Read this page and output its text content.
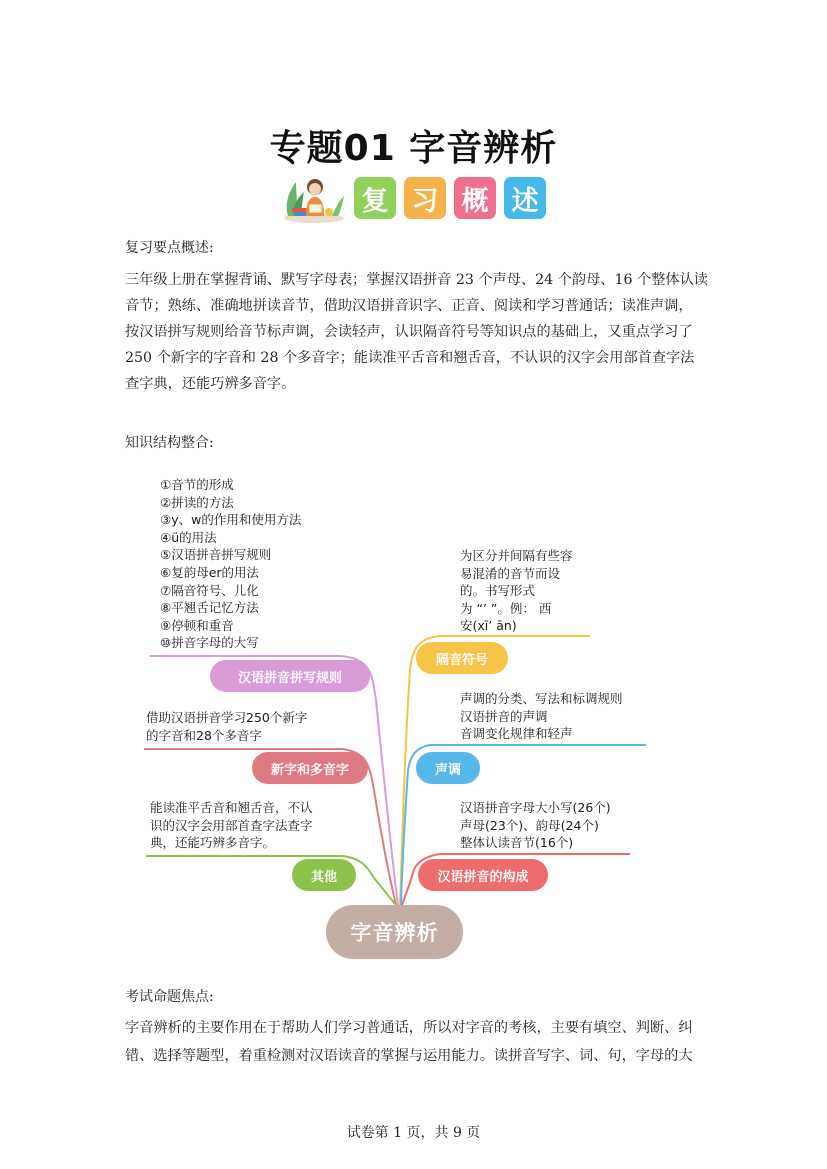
专题01 字音辨析
复 习 概 述
复习要点概述:
三年级上册在掌握背诵、默写字母表；掌握汉语拼音 23 个声母、24 个韵母、16 个整体认读
音节；熟练、准确地拼读音节，借助汉语拼音识字、正音、阅读和学习普通话；读准声调，
按汉语拼写规则给音节标声调，会读轻声，认识隔音符号等知识点的基础上，又重点学习了
250 个新字的字音和 28 个多音字；能读准平舌音和翘舌音，不认识的汉字会用部首查字法
查字典，还能巧辨多音字。
知识结构整合:
①音节的形成
②拼读的方法
③y、w的作用和使用方法
④ü的用法
⑤汉语拼音拼写规则
⑥复韵母er的用法
⑦隔音符号、儿化
⑧平翘舌记忆方法
⑨停顿和重音
⑩拼音字母的大写
汉语拼音拼写规则
借助汉语拼音学习250个新字
的字音和28个多音字
新字和多音字
能读准平舌音和翘舌音，不认
识的汉字会用部首查字法查字
典，还能巧辨多音字。
其他
为区分并间隔有些容
易混淆的音节而设
的。书写形式
为 “’ ”。例： 西
安(xī’ ān)
隔音符号
声调的分类、写法和标调规则
汉语拼音的声调
音调变化规律和轻声
声调
汉语拼音字母大小写(26个)
声母(23个)、韵母(24个)
整体认读音节(16个)
汉语拼音的构成
字音辨析
考试命题焦点:
字音辨析的主要作用在于帮助人们学习普通话，所以对字音的考核，主要有填空、判断、纠
错、选择等题型，着重检测对汉语读音的掌握与运用能力。读拼音写字、词、句，字母的大
试卷第 1 页，共 9 页
